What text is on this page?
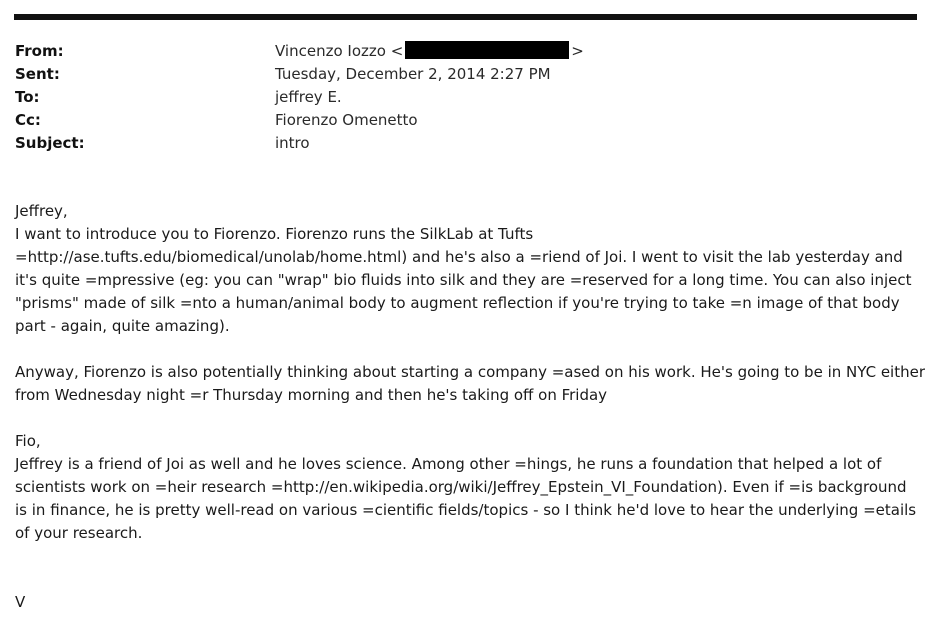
From:	Vincenzo Iozzo <	>
Sent:	Tuesday, December 2, 2014 2:27 PM
To:	jeffrey E.
Cc:	Fiorenzo Omenetto
Subject:	intro
Jeffrey,
I want to introduce you to Fiorenzo. Fiorenzo runs the SilkLab at Tufts
=http://ase.tufts.edu/biomedical/unolab/home.html) and he's also a =riend of Joi. I went to visit the lab yesterday and
it's quite =mpressive (eg: you can "wrap" bio fluids into silk and they are =reserved for a long time. You can also inject
"prisms" made of silk =nto a human/animal body to augment reflection if you're trying to take =n image of that body
part - again, quite amazing).
Anyway, Fiorenzo is also potentially thinking about starting a company =ased on his work. He's going to be in NYC either
from Wednesday night =r Thursday morning and then he's taking off on Friday
Fio,
Jeffrey is a friend of Joi as well and he loves science. Among other =hings, he runs a foundation that helped a lot of
scientists work on =heir research =http://en.wikipedia.org/wiki/Jeffrey_Epstein_VI_Foundation). Even if =is background
is in finance, he is pretty well-read on various =cientific fields/topics - so I think he'd love to hear the underlying =etails
of your research.
V
